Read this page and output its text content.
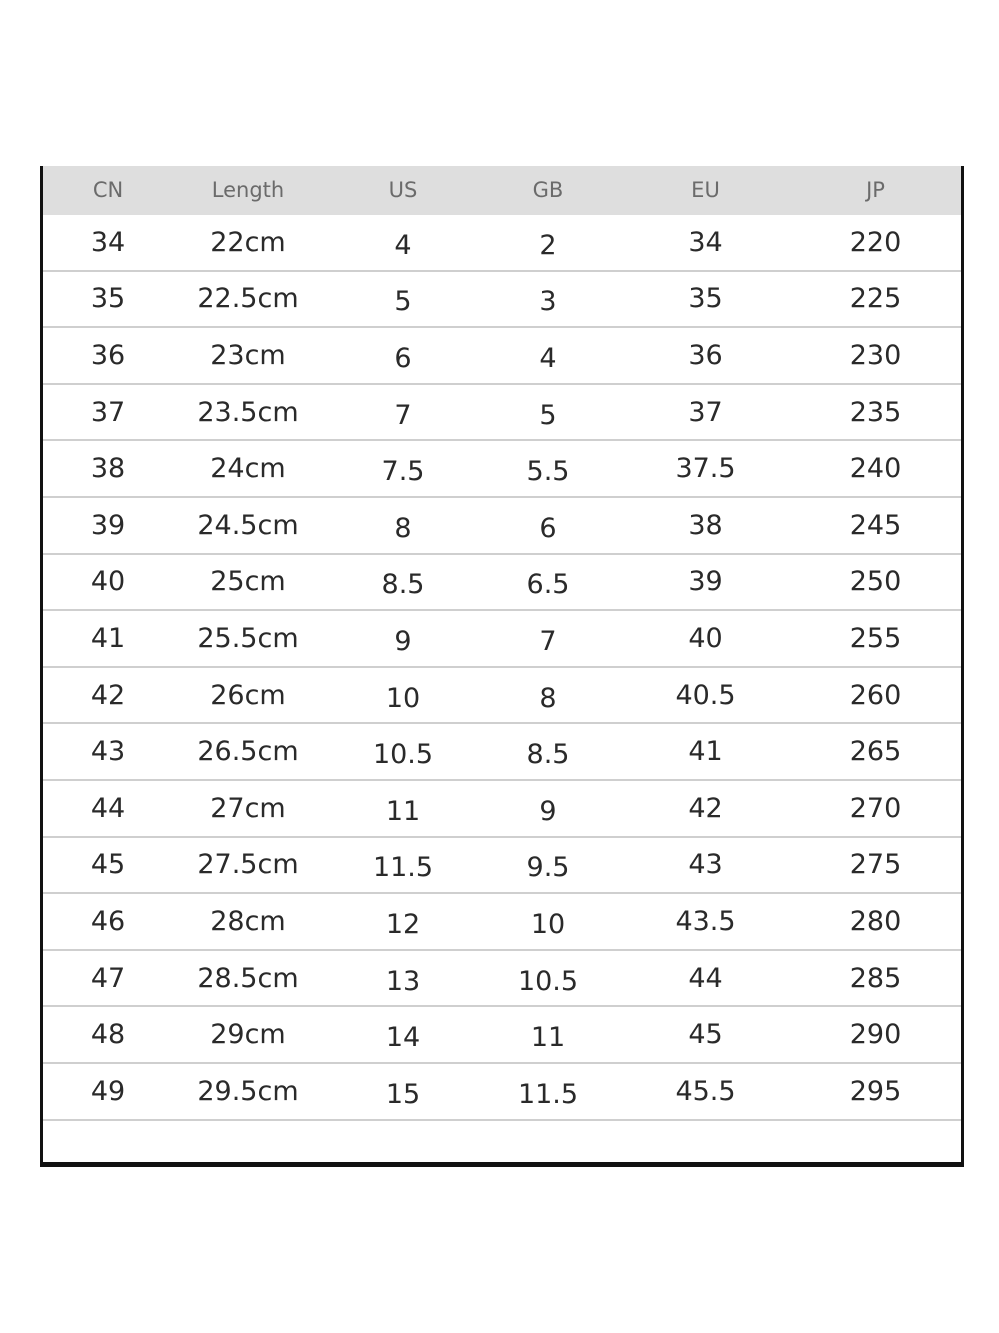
CN	Length	US	GB	EU	JP
34	22cm	4	2	34	220
35	22.5cm	5	3	35	225
36	23cm	6	4	36	230
37	23.5cm	7	5	37	235
38	24cm	7.5	5.5	37.5	240
39	24.5cm	8	6	38	245
40	25cm	8.5	6.5	39	250
41	25.5cm	9	7	40	255
42	26cm	10	8	40.5	260
43	26.5cm	10.5	8.5	41	265
44	27cm	11	9	42	270
45	27.5cm	11.5	9.5	43	275
46	28cm	12	10	43.5	280
47	28.5cm	13	10.5	44	285
48	29cm	14	11	45	290
49	29.5cm	15	11.5	45.5	295
